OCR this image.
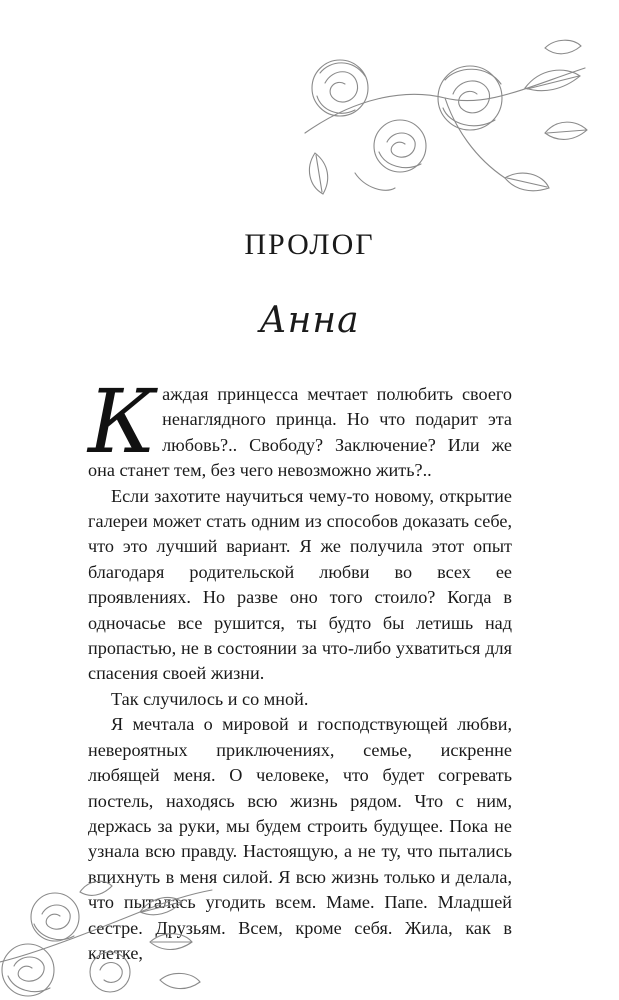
ПРОЛОГ
Анна

Каждая принцесса мечтает полюбить своего ненаглядного принца. Но что подарит эта любовь?.. Свободу? Заключение? Или же она станет тем, без чего невозможно жить?..

Если захотите научиться чему-то новому, открытие галереи может стать одним из способов доказать себе, что это лучший вариант. Я же получила этот опыт благодаря родительской любви во всех ее проявлениях. Но разве оно того стоило? Когда в одночасье все рушится, ты будто бы летишь над пропастью, не в состоянии за что-либо ухватиться для спасения своей жизни.

Так случилось и со мной.

Я мечтала о мировой и господствующей любви, невероятных приключениях, семье, искренне любящей меня. О человеке, что будет согревать постель, находясь всю жизнь рядом. Что с ним, держась за руки, мы будем строить будущее. Пока не узнала всю правду. Настоящую, а не ту, что пытались впихнуть в меня силой. Я всю жизнь только и делала, что пыталась угодить всем. Маме. Папе. Младшей сестре. Друзьям. Всем, кроме себя. Жила, как в клетке,
